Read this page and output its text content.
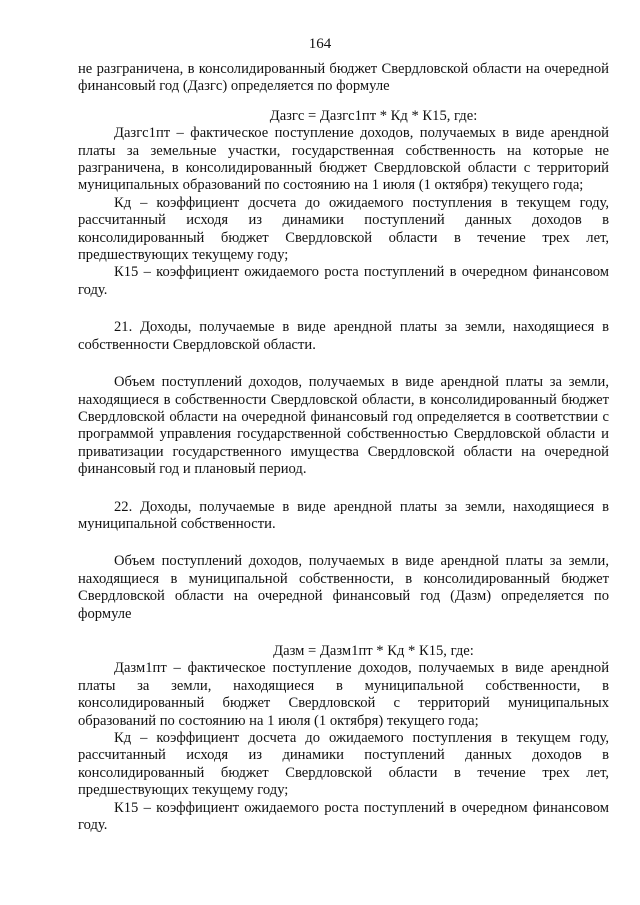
164

не разграничена, в консолидированный бюджет Свердловской области на очередной финансовый год (Дазгс) определяется по формуле

Дазгс = Дазгс1пт * Кд * К15, где:

Дазгс1пт – фактическое поступление доходов, получаемых в виде арендной платы за земельные участки, государственная собственность на которые не разграничена, в консолидированный бюджет Свердловской области с территорий муниципальных образований по состоянию на 1 июля (1 октября) текущего года;

Кд – коэффициент досчета до ожидаемого поступления в текущем году, рассчитанный исходя из динамики поступлений данных доходов в консолидированный бюджет Свердловской области в течение трех лет, предшествующих текущему году;

К15 – коэффициент ожидаемого роста поступлений в очередном финансовом году.

21. Доходы, получаемые в виде арендной платы за земли, находящиеся в собственности Свердловской области.

Объем поступлений доходов, получаемых в виде арендной платы за земли, находящиеся в собственности Свердловской области, в консолидированный бюджет Свердловской области на очередной финансовый год определяется в соответствии с программой управления государственной собственностью Свердловской области и приватизации государственного имущества Свердловской области на очередной финансовый год и плановый период.

22. Доходы, получаемые в виде арендной платы за земли, находящиеся в муниципальной собственности.

Объем поступлений доходов, получаемых в виде арендной платы за земли, находящиеся в муниципальной собственности, в консолидированный бюджет Свердловской области на очередной финансовый год (Дазм) определяется по формуле

Дазм = Дазм1пт * Кд * К15, где:

Дазм1пт – фактическое поступление доходов, получаемых в виде арендной платы за земли, находящиеся в муниципальной собственности, в консолидированный бюджет Свердловской с территорий муниципальных образований по состоянию на 1 июля (1 октября) текущего года;

Кд – коэффициент досчета до ожидаемого поступления в текущем году, рассчитанный исходя из динамики поступлений данных доходов в консолидированный бюджет Свердловской области в течение трех лет, предшествующих текущему году;

К15 – коэффициент ожидаемого роста поступлений в очередном финансовом году.
